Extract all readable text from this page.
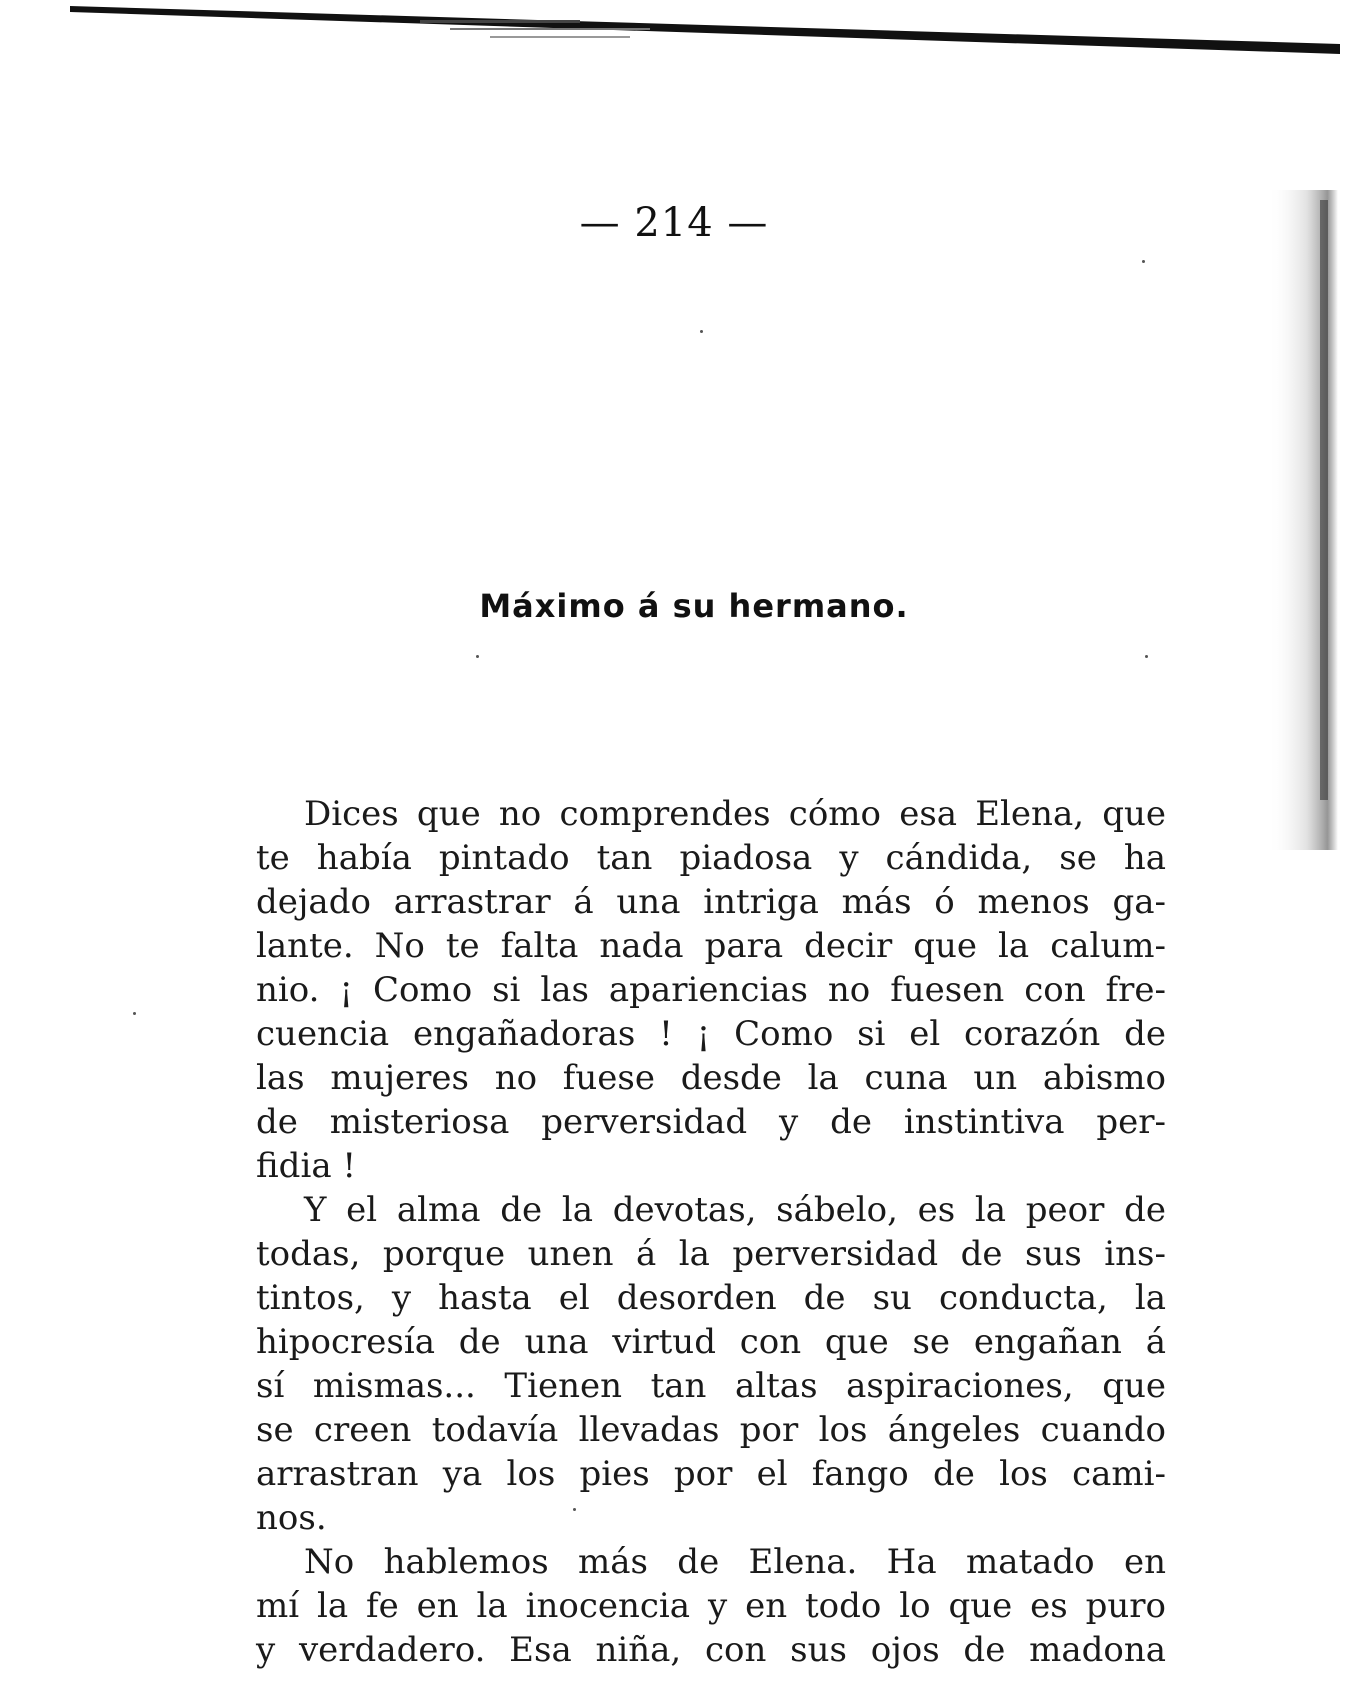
— 214 —
Máximo á su hermano.
Dices que no comprendes cómo esa Elena, que
te había pintado tan piadosa y cándida, se ha
dejado arrastrar á una intriga más ó menos ga-
lante. No te falta nada para decir que la calum-
nio. ¡ Como si las apariencias no fuesen con fre-
cuencia engañadoras ! ¡ Como si el corazón de
las mujeres no fuese desde la cuna un abismo
de misteriosa perversidad y de instintiva per-
fidia !
Y el alma de la devotas, sábelo, es la peor de
todas, porque unen á la perversidad de sus ins-
tintos, y hasta el desorden de su conducta, la
hipocresía de una virtud con que se engañan á
sí mismas... Tienen tan altas aspiraciones, que
se creen todavía llevadas por los ángeles cuando
arrastran ya los pies por el fango de los cami-
nos.
No hablemos más de Elena. Ha matado en
mí la fe en la inocencia y en todo lo que es puro
y verdadero. Esa niña, con sus ojos de madona
